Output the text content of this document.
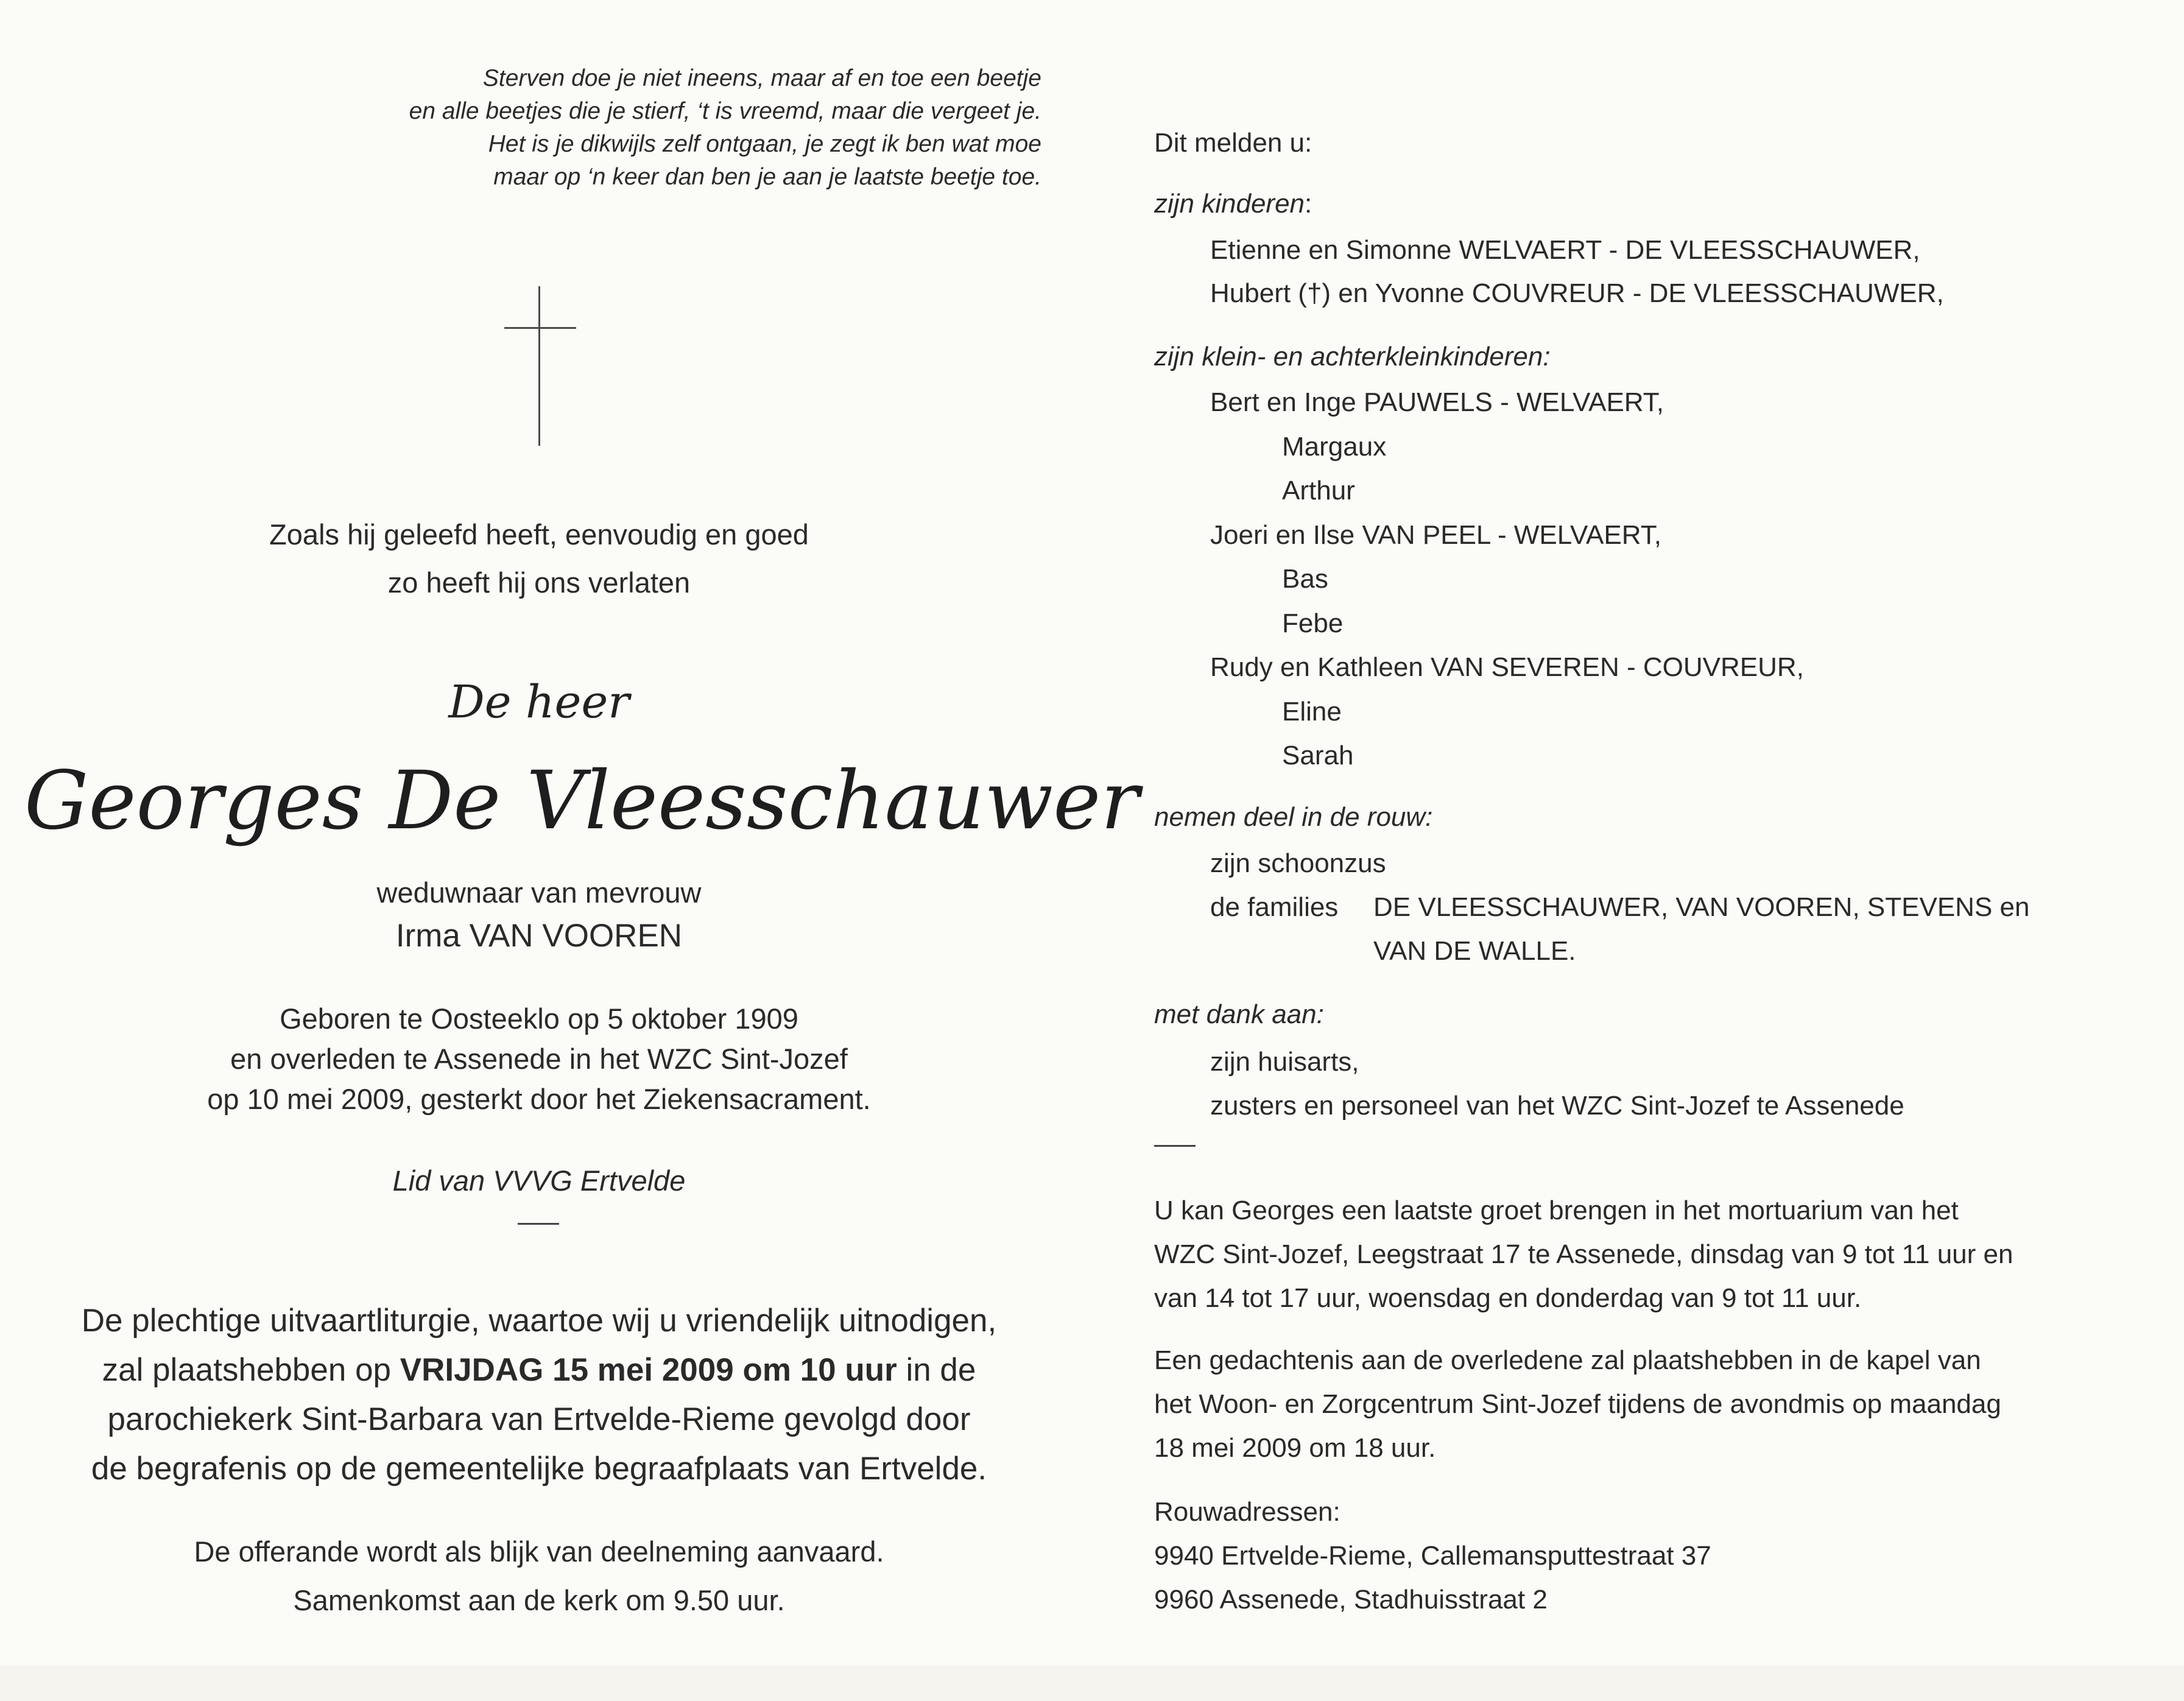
Sterven doe je niet ineens, maar af en toe een beetje
en alle beetjes die je stierf, ‘t is vreemd, maar die vergeet je.
Het is je dikwijls zelf ontgaan, je zegt ik ben wat moe
maar op ‘n keer dan ben je aan je laatste beetje toe.
Zoals hij geleefd heeft, eenvoudig en goed
zo heeft hij ons verlaten
De heer
Georges De Vleesschauwer
weduwnaar van mevrouw
Irma VAN VOOREN
Geboren te Oosteeklo op 5 oktober 1909
en overleden te Assenede in het WZC Sint-Jozef
op 10 mei 2009, gesterkt door het Ziekensacrament.
Lid van VVVG Ertvelde
De plechtige uitvaartliturgie, waartoe wij u vriendelijk uitnodigen,
zal plaatshebben op VRIJDAG 15 mei 2009 om 10 uur in de
parochiekerk Sint-Barbara van Ertvelde-Rieme gevolgd door
de begrafenis op de gemeentelijke begraafplaats van Ertvelde.
De offerande wordt als blijk van deelneming aanvaard.
Samenkomst aan de kerk om 9.50 uur.
Dit melden u:
zijn kinderen:
Etienne en Simonne WELVAERT - DE VLEESSCHAUWER,
Hubert (†) en Yvonne COUVREUR - DE VLEESSCHAUWER,
zijn klein- en achterkleinkinderen:
Bert en Inge PAUWELS - WELVAERT,
Margaux
Arthur
Joeri en Ilse VAN PEEL - WELVAERT,
Bas
Febe
Rudy en Kathleen VAN SEVEREN - COUVREUR,
Eline
Sarah
nemen deel in de rouw:
zijn schoonzus
de families DE VLEESSCHAUWER, VAN VOOREN, STEVENS en
VAN DE WALLE.
met dank aan:
zijn huisarts,
zusters en personeel van het WZC Sint-Jozef te Assenede
U kan Georges een laatste groet brengen in het mortuarium van het
WZC Sint-Jozef, Leegstraat 17 te Assenede, dinsdag van 9 tot 11 uur en
van 14 tot 17 uur, woensdag en donderdag van 9 tot 11 uur.
Een gedachtenis aan de overledene zal plaatshebben in de kapel van
het Woon- en Zorgcentrum Sint-Jozef tijdens de avondmis op maandag
18 mei 2009 om 18 uur.
Rouwadressen:
9940 Ertvelde-Rieme, Callemansputtestraat 37
9960 Assenede, Stadhuisstraat 2
